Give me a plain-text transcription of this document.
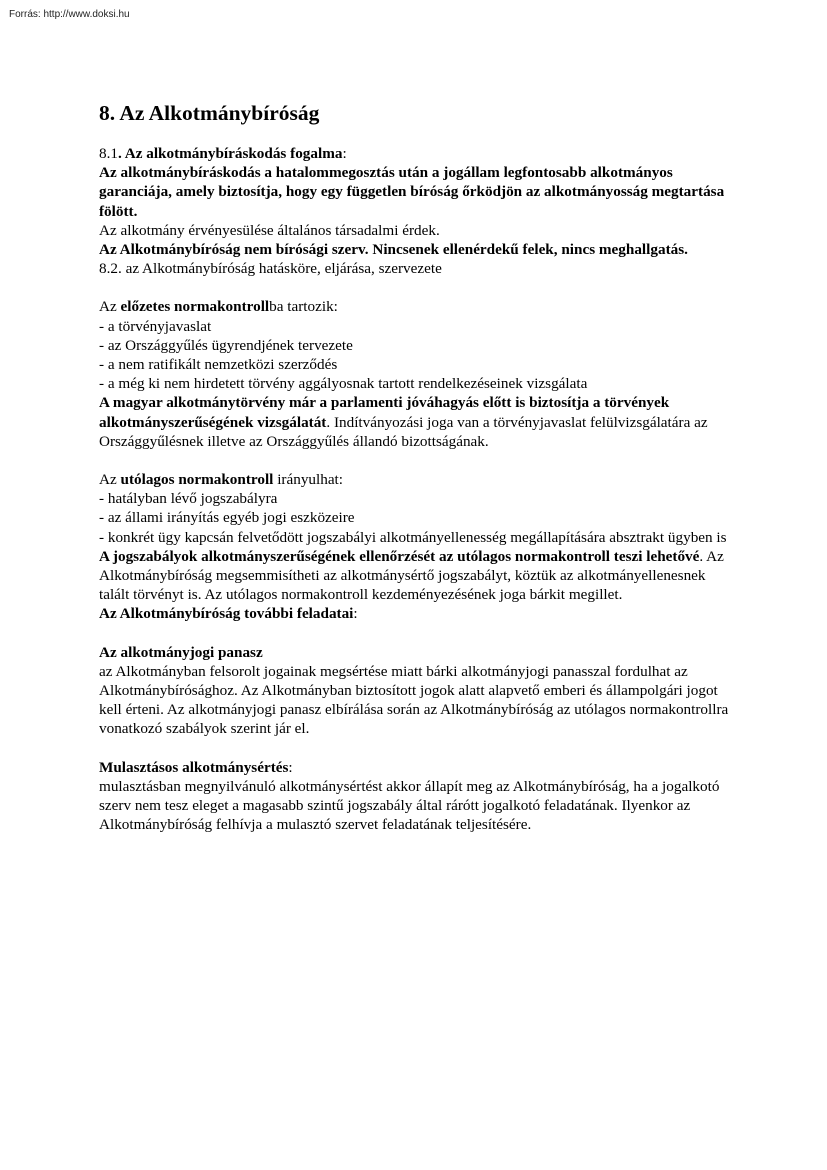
Forrás: http://www.doksi.hu
8. Az Alkotmánybíróság

8.1. Az alkotmánybíráskodás fogalma:

Az alkotmánybíráskodás a hatalommegosztás után a jogállam legfontosabb alkotmányos garanciája, amely biztosítja, hogy egy független bíróság őrködjön az alkotmányosság megtartása fölött.

Az alkotmány érvényesülése általános társadalmi érdek.

Az Alkotmánybíróság nem bírósági szerv. Nincsenek ellenérdekű felek, nincs meghallgatás.

8.2. az Alkotmánybíróság hatásköre, eljárása, szervezete

Az előzetes normakontrollba tartozik:

- a törvényjavaslat
- az Országgyűlés ügyrendjének tervezete
- a nem ratifikált nemzetközi szerződés
- a még ki nem hirdetett törvény aggályosnak tartott rendelkezéseinek vizsgálata

A magyar alkotmánytörvény már a parlamenti jóváhagyás előtt is biztosítja a törvények alkotmányszerűségének vizsgálatát. Indítványozási joga van a törvényjavaslat felülvizsgálatára az Országgyűlésnek illetve az Országgyűlés állandó bizottságának.

Az utólagos normakontroll irányulhat:

- hatályban lévő jogszabályra
- az állami irányítás egyéb jogi eszközeire
- konkrét ügy kapcsán felvetődött jogszabályi alkotmányellenesség megállapítására absztrakt ügyben is

A jogszabályok alkotmányszerűségének ellenőrzését az utólagos normakontroll teszi lehetővé. Az Alkotmánybíróság megsemmisítheti az alkotmánysértő jogszabályt, köztük az alkotmányellenesnek talált törvényt is. Az utólagos normakontroll kezdeményezésének joga bárkit megillet.

Az Alkotmánybíróság további feladatai:

Az alkotmányjogi panasz

az Alkotmányban felsorolt jogainak megsértése miatt bárki alkotmányjogi panasszal fordulhat az Alkotmánybírósághoz. Az Alkotmányban biztosított jogok alatt alapvető emberi és állampolgári jogot kell érteni. Az alkotmányjogi panasz elbírálása során az Alkotmánybíróság az utólagos normakontrollra vonatkozó szabályok szerint jár el.

Mulasztásos alkotmánysértés:

mulasztásban megnyilvánuló alkotmánysértést akkor állapít meg az Alkotmánybíróság, ha a jogalkotó szerv nem tesz eleget a magasabb szintű jogszabály által rárótt jogalkotó feladatának. Ilyenkor az Alkotmánybíróság felhívja a mulasztó szervet feladatának teljesítésére.
